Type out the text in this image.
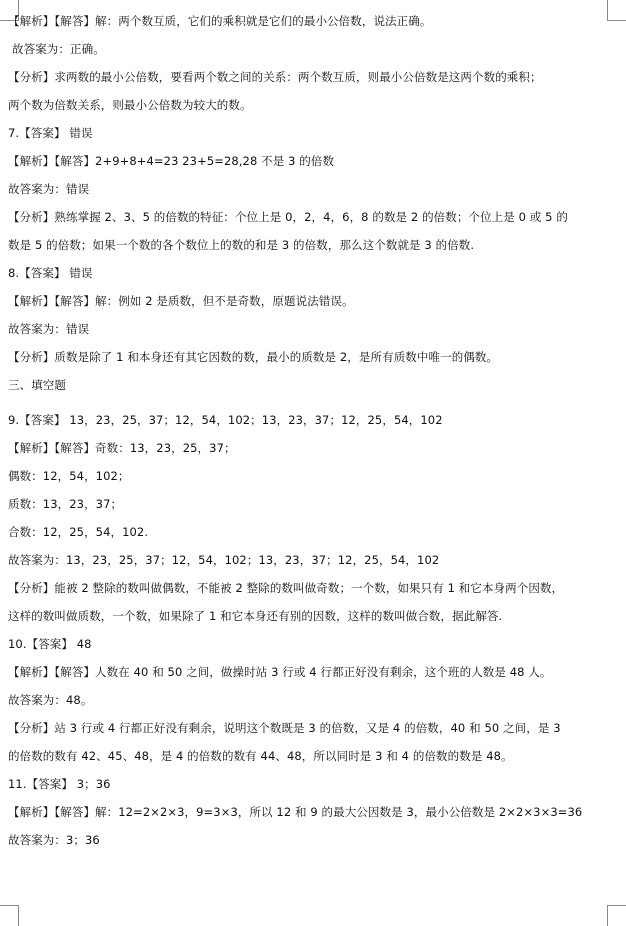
【解析】【解答】解：两个数互质，它们的乘积就是它们的最小公倍数，说法正确。
故答案为：正确。
【分析】求两数的最小公倍数，要看两个数之间的关系：两个数互质，则最小公倍数是这两个数的乘积；
两个数为倍数关系，则最小公倍数为较大的数。
7.【答案】 错误
【解析】【解答】2+9+8+4=23 23+5=28,28 不是 3 的倍数
故答案为：错误
【分析】熟练掌握 2、3、5 的倍数的特征：个位上是 0，2，4，6，8 的数是 2 的倍数；个位上是 0 或 5 的
数是 5 的倍数；如果一个数的各个数位上的数的和是 3 的倍数，那么这个数就是 3 的倍数.
8.【答案】 错误
【解析】【解答】解：例如 2 是质数，但不是奇数，原题说法错误。
故答案为：错误
【分析】质数是除了 1 和本身还有其它因数的数，最小的质数是 2，是所有质数中唯一的偶数。
三、填空题
9.【答案】 13，23，25，37；12，54，102；13，23，37；12，25，54，102
【解析】【解答】奇数：13，23，25，37；
偶数：12，54，102；
质数：13，23，37；
合数：12，25，54，102.
故答案为：13，23，25，37；12，54，102；13，23，37；12，25，54，102
【分析】能被 2 整除的数叫做偶数，不能被 2 整除的数叫做奇数；一个数，如果只有 1 和它本身两个因数，
这样的数叫做质数，一个数，如果除了 1 和它本身还有别的因数，这样的数叫做合数，据此解答.
10.【答案】 48
【解析】【解答】人数在 40 和 50 之间，做操时站 3 行或 4 行都正好没有剩余，这个班的人数是 48 人。
故答案为：48。
【分析】站 3 行或 4 行都正好没有剩余，说明这个数既是 3 的倍数，又是 4 的倍数，40 和 50 之间，是 3
的倍数的数有 42、45、48，是 4 的倍数的数有 44、48，所以同时是 3 和 4 的倍数的数是 48。
11.【答案】 3；36
【解析】【解答】解：12=2×2×3，9=3×3，所以 12 和 9 的最大公因数是 3，最小公倍数是 2×2×3×3=36
故答案为：3；36
